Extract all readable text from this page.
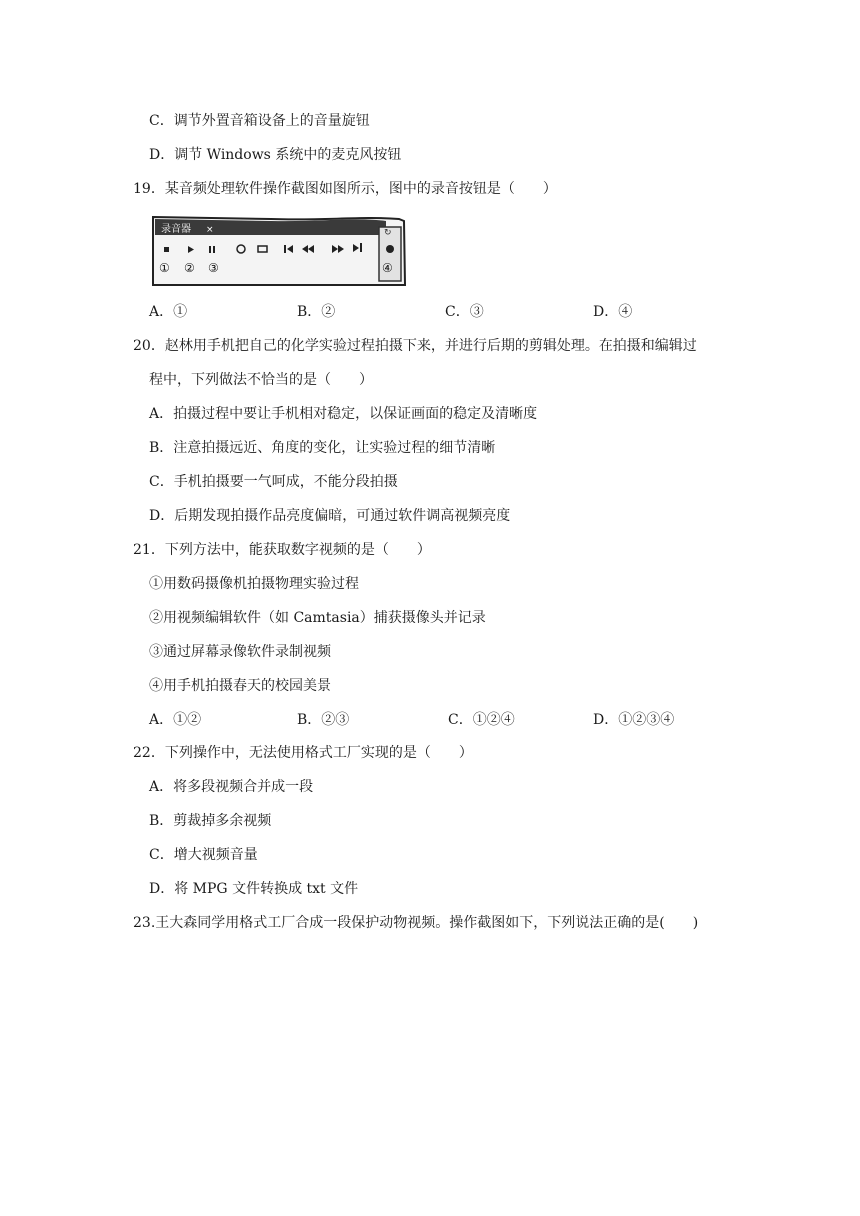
C．调节外置音箱设备上的音量旋钮
D．调节 Windows 系统中的麦克风按钮
19．某音频处理软件操作截图如图所示，图中的录音按钮是（　　）
录音器 ×	↻
① ② ③	④
A．①	B．②	C．③	D．④
20．赵林用手机把自己的化学实验过程拍摄下来，并进行后期的剪辑处理。在拍摄和编辑过
程中，下列做法不恰当的是（　　）
A．拍摄过程中要让手机相对稳定，以保证画面的稳定及清晰度
B．注意拍摄远近、角度的变化，让实验过程的细节清晰
C．手机拍摄要一气呵成，不能分段拍摄
D．后期发现拍摄作品亮度偏暗，可通过软件调高视频亮度
21．下列方法中，能获取数字视频的是（　　）
①用数码摄像机拍摄物理实验过程
②用视频编辑软件（如 Camtasia）捕获摄像头并记录
③通过屏幕录像软件录制视频
④用手机拍摄春天的校园美景
A．①②	B．②③	C．①②④	D．①②③④
22．下列操作中，无法使用格式工厂实现的是（　　）
A．将多段视频合并成一段
B．剪裁掉多余视频
C．增大视频音量
D．将 MPG 文件转换成 txt 文件
23.王大森同学用格式工厂合成一段保护动物视频。操作截图如下，下列说法正确的是(　　)
